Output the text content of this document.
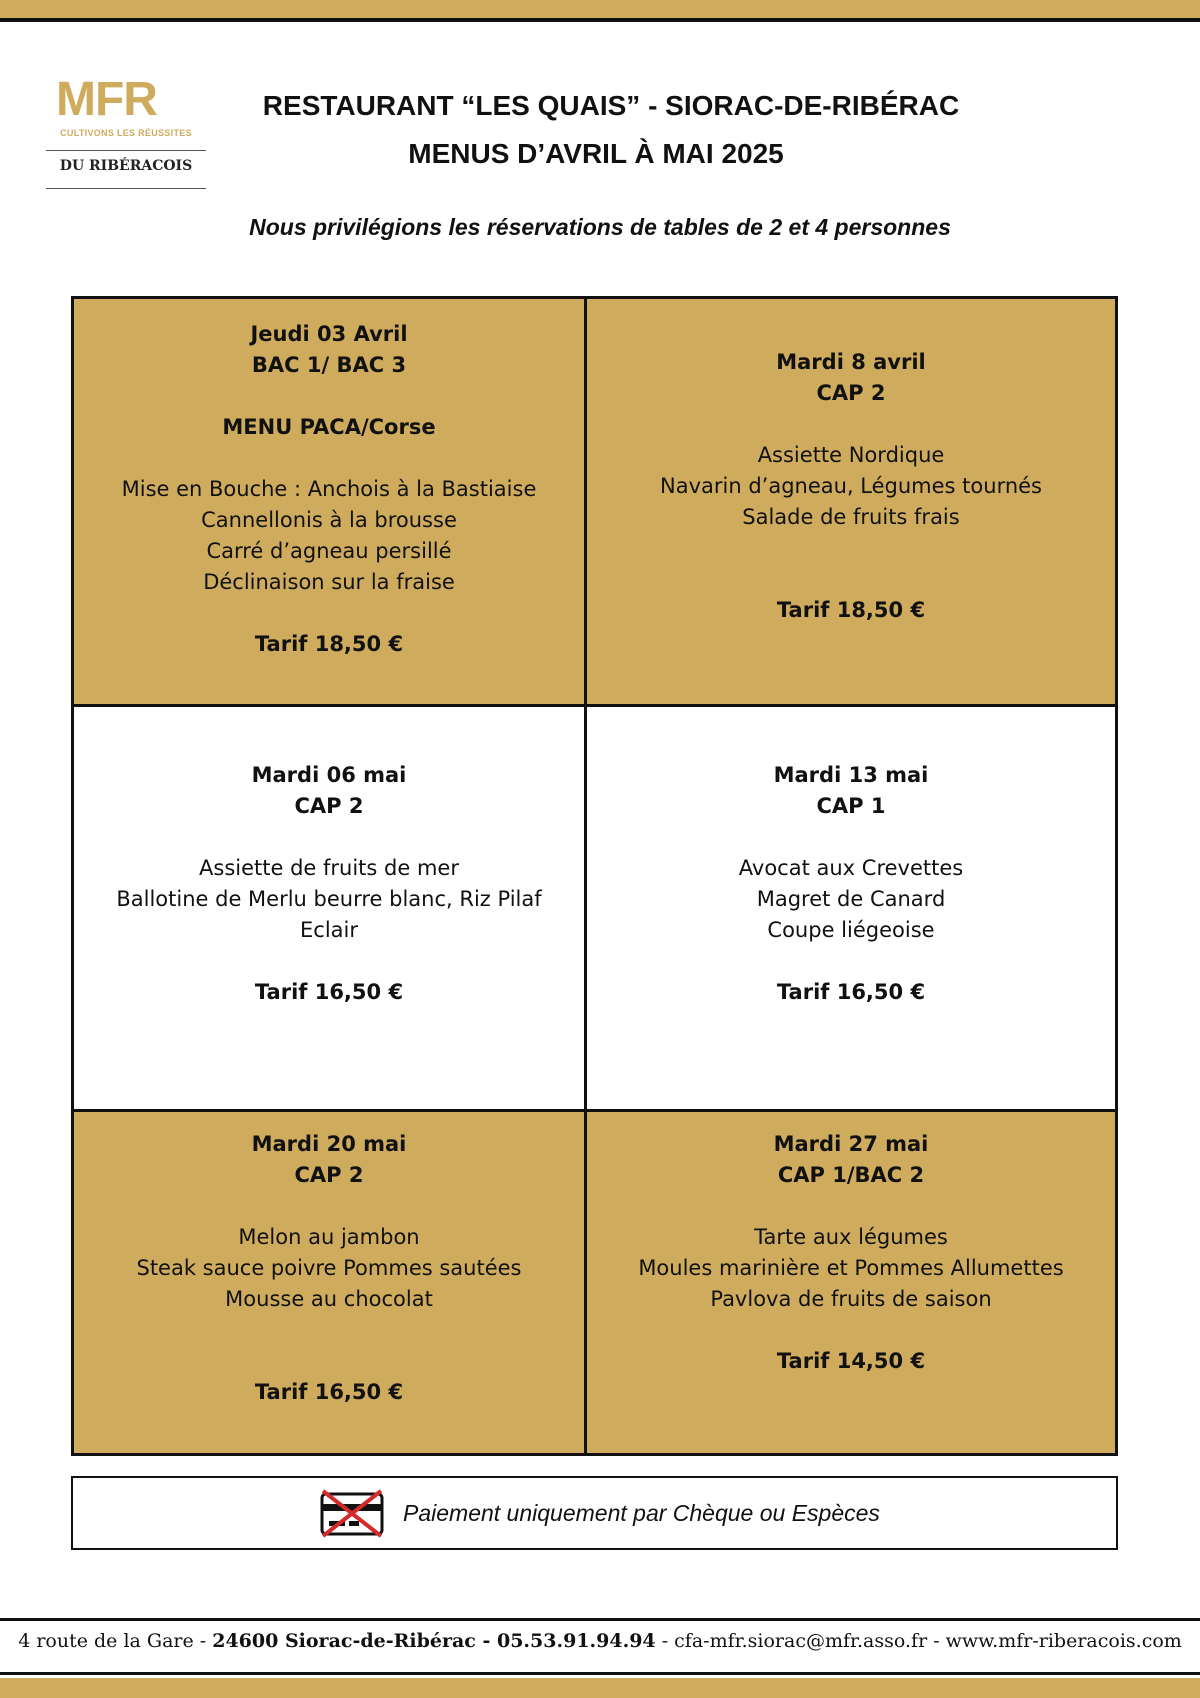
MFR
CULTIVONS LES RÉUSSITES
DU RIBÉRACOIS
RESTAURANT “LES QUAIS” - SIORAC-DE-RIBÉRAC
MENUS D’AVRIL À MAI 2025
Nous privilégions les réservations de tables de 2 et 4 personnes
Jeudi 03 Avril
BAC 1/ BAC 3
MENU PACA/Corse
Mise en Bouche : Anchois à la Bastiaise
Cannellonis à la brousse
Carré d’agneau persillé
Déclinaison sur la fraise
Tarif 18,50 €
Mardi 8 avril
CAP 2
Assiette Nordique
Navarin d’agneau, Légumes tournés
Salade de fruits frais
Tarif 18,50 €
Mardi 06 mai
CAP 2
Assiette de fruits de mer
Ballotine de Merlu beurre blanc, Riz Pilaf
Eclair
Tarif 16,50 €
Mardi 13 mai
CAP 1
Avocat aux Crevettes
Magret de Canard
Coupe liégeoise
Tarif 16,50 €
Mardi 20 mai
CAP 2
Melon au jambon
Steak sauce poivre Pommes sautées
Mousse au chocolat
Tarif 16,50 €
Mardi 27 mai
CAP 1/BAC 2
Tarte aux légumes
Moules marinière et Pommes Allumettes
Pavlova de fruits de saison
Tarif 14,50 €
Paiement uniquement par Chèque ou Espèces
4 route de la Gare - 24600 Siorac-de-Ribérac - 05.53.91.94.94 - cfa-mfr.siorac@mfr.asso.fr - www.mfr-riberacois.com
